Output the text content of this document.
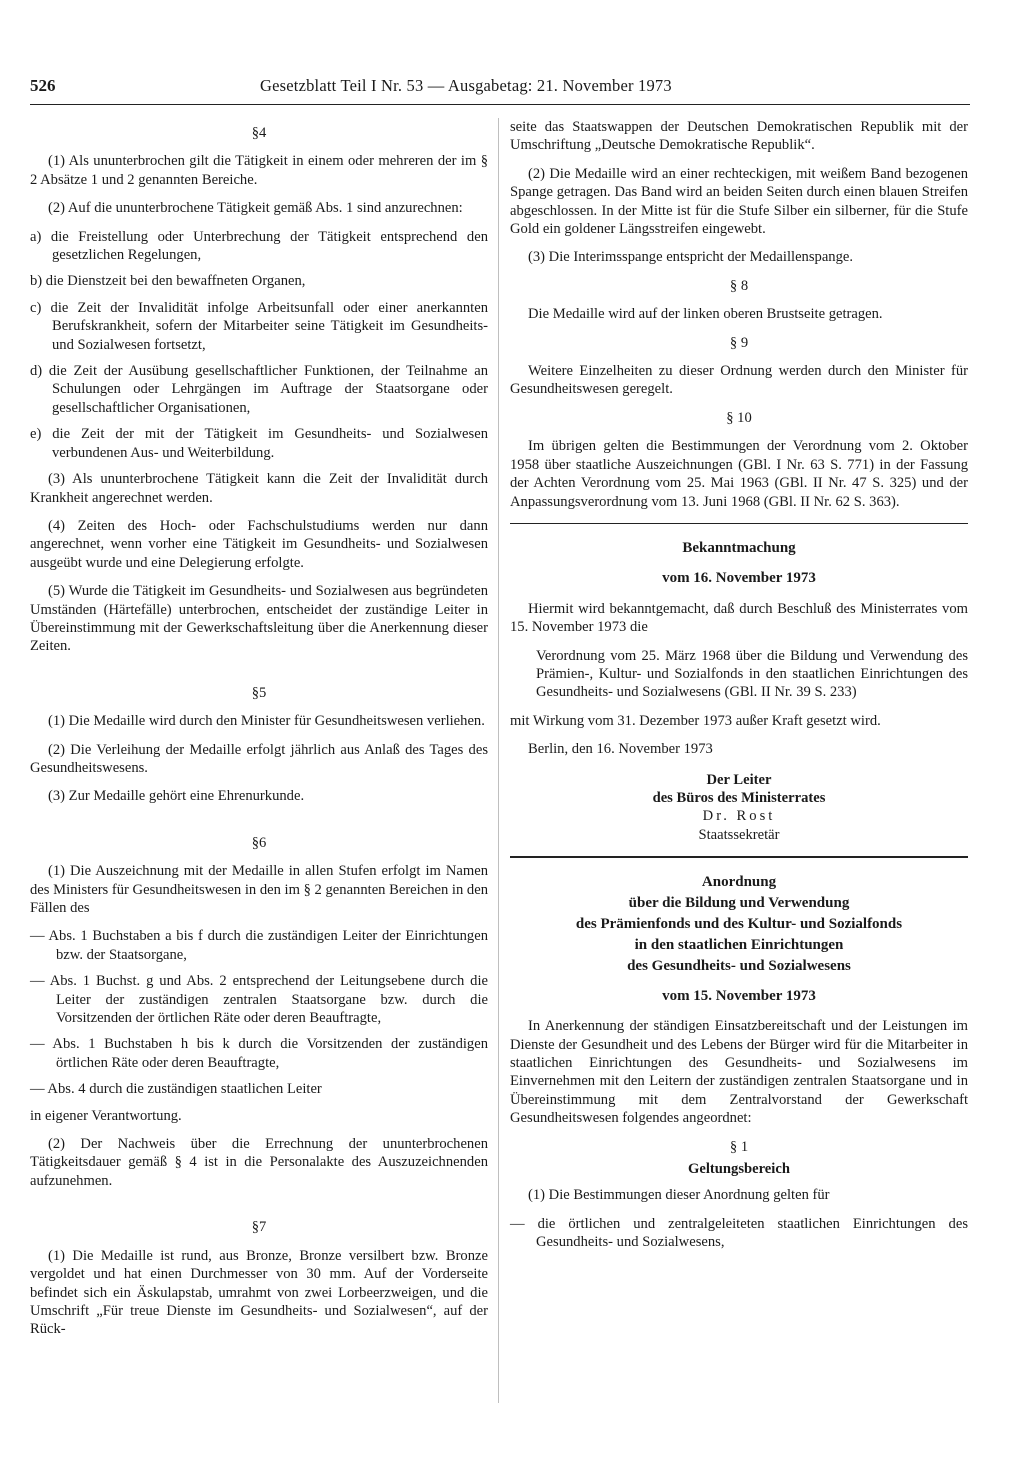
526	Gesetzblatt Teil I Nr. 53 — Ausgabetag: 21. November 1973

§4

(1) Als ununterbrochen gilt die Tätigkeit in einem oder mehreren der im § 2 Absätze 1 und 2 genannten Bereiche.

(2) Auf die ununterbrochene Tätigkeit gemäß Abs. 1 sind anzurechnen:

a) die Freistellung oder Unterbrechung der Tätigkeit entsprechend den gesetzlichen Regelungen,

b) die Dienstzeit bei den bewaffneten Organen,

c) die Zeit der Invalidität infolge Arbeitsunfall oder einer anerkannten Berufskrankheit, sofern der Mitarbeiter seine Tätigkeit im Gesundheits- und Sozialwesen fortsetzt,

d) die Zeit der Ausübung gesellschaftlicher Funktionen, der Teilnahme an Schulungen oder Lehrgängen im Auftrage der Staatsorgane oder gesellschaftlicher Organisationen,

e) die Zeit der mit der Tätigkeit im Gesundheits- und Sozialwesen verbundenen Aus- und Weiterbildung.

(3) Als ununterbrochene Tätigkeit kann die Zeit der Invalidität durch Krankheit angerechnet werden.

(4) Zeiten des Hoch- oder Fachschulstudiums werden nur dann angerechnet, wenn vorher eine Tätigkeit im Gesundheits- und Sozialwesen ausgeübt wurde und eine Delegierung erfolgte.

(5) Wurde die Tätigkeit im Gesundheits- und Sozialwesen aus begründeten Umständen (Härtefälle) unterbrochen, entscheidet der zuständige Leiter in Übereinstimmung mit der Gewerkschaftsleitung über die Anerkennung dieser Zeiten.

§5

(1) Die Medaille wird durch den Minister für Gesundheitswesen verliehen.

(2) Die Verleihung der Medaille erfolgt jährlich aus Anlaß des Tages des Gesundheitswesens.

(3) Zur Medaille gehört eine Ehrenurkunde.

§6

(1) Die Auszeichnung mit der Medaille in allen Stufen erfolgt im Namen des Ministers für Gesundheitswesen in den im § 2 genannten Bereichen in den Fällen des

— Abs. 1 Buchstaben a bis f durch die zuständigen Leiter der Einrichtungen bzw. der Staatsorgane,

— Abs. 1 Buchst. g und Abs. 2 entsprechend der Leitungsebene durch die Leiter der zuständigen zentralen Staatsorgane bzw. durch die Vorsitzenden der örtlichen Räte oder deren Beauftragte,

— Abs. 1 Buchstaben h bis k durch die Vorsitzenden der zuständigen örtlichen Räte oder deren Beauftragte,

— Abs. 4 durch die zuständigen staatlichen Leiter

in eigener Verantwortung.

(2) Der Nachweis über die Errechnung der ununterbrochenen Tätigkeitsdauer gemäß § 4 ist in die Personalakte des Auszuzeichnenden aufzunehmen.

§7

(1) Die Medaille ist rund, aus Bronze, Bronze versilbert bzw. Bronze vergoldet und hat einen Durchmesser von 30 mm. Auf der Vorderseite befindet sich ein Äskulapstab, umrahmt von zwei Lorbeerzweigen, und die Umschrift „Für treue Dienste im Gesundheits- und Sozialwesen“, auf der Rück-

seite das Staatswappen der Deutschen Demokratischen Republik mit der Umschriftung „Deutsche Demokratische Republik“.

(2) Die Medaille wird an einer rechteckigen, mit weißem Band bezogenen Spange getragen. Das Band wird an beiden Seiten durch einen blauen Streifen abgeschlossen. In der Mitte ist für die Stufe Silber ein silberner, für die Stufe Gold ein goldener Längsstreifen eingewebt.

(3) Die Interimsspange entspricht der Medaillenspange.

§ 8

Die Medaille wird auf der linken oberen Brustseite getragen.

§ 9

Weitere Einzelheiten zu dieser Ordnung werden durch den Minister für Gesundheitswesen geregelt.

§ 10

Im übrigen gelten die Bestimmungen der Verordnung vom 2. Oktober 1958 über staatliche Auszeichnungen (GBl. I Nr. 63 S. 771) in der Fassung der Achten Verordnung vom 25. Mai 1963 (GBl. II Nr. 47 S. 325) und der Anpassungsverordnung vom 13. Juni 1968 (GBl. II Nr. 62 S. 363).

Bekanntmachung

vom 16. November 1973

Hiermit wird bekanntgemacht, daß durch Beschluß des Ministerrates vom 15. November 1973 die

Verordnung vom 25. März 1968 über die Bildung und Verwendung des Prämien-, Kultur- und Sozialfonds in den staatlichen Einrichtungen des Gesundheits- und Sozialwesens (GBl. II Nr. 39 S. 233)

mit Wirkung vom 31. Dezember 1973 außer Kraft gesetzt wird.

Berlin, den 16. November 1973

Der Leiter

des Büros des Ministerrates

Dr. Rost

Staatssekretär

Anordnung

über die Bildung und Verwendung

des Prämienfonds und des Kultur- und Sozialfonds

in den staatlichen Einrichtungen

des Gesundheits- und Sozialwesens

vom 15. November 1973

In Anerkennung der ständigen Einsatzbereitschaft und der Leistungen im Dienste der Gesundheit und des Lebens der Bürger wird für die Mitarbeiter in staatlichen Einrichtungen des Gesundheits- und Sozialwesens im Einvernehmen mit den Leitern der zuständigen zentralen Staatsorgane und in Übereinstimmung mit dem Zentralvorstand der Gewerkschaft Gesundheitswesen folgendes angeordnet:

§ 1

Geltungsbereich

(1) Die Bestimmungen dieser Anordnung gelten für

— die örtlichen und zentralgeleiteten staatlichen Einrichtungen des Gesundheits- und Sozialwesens,
